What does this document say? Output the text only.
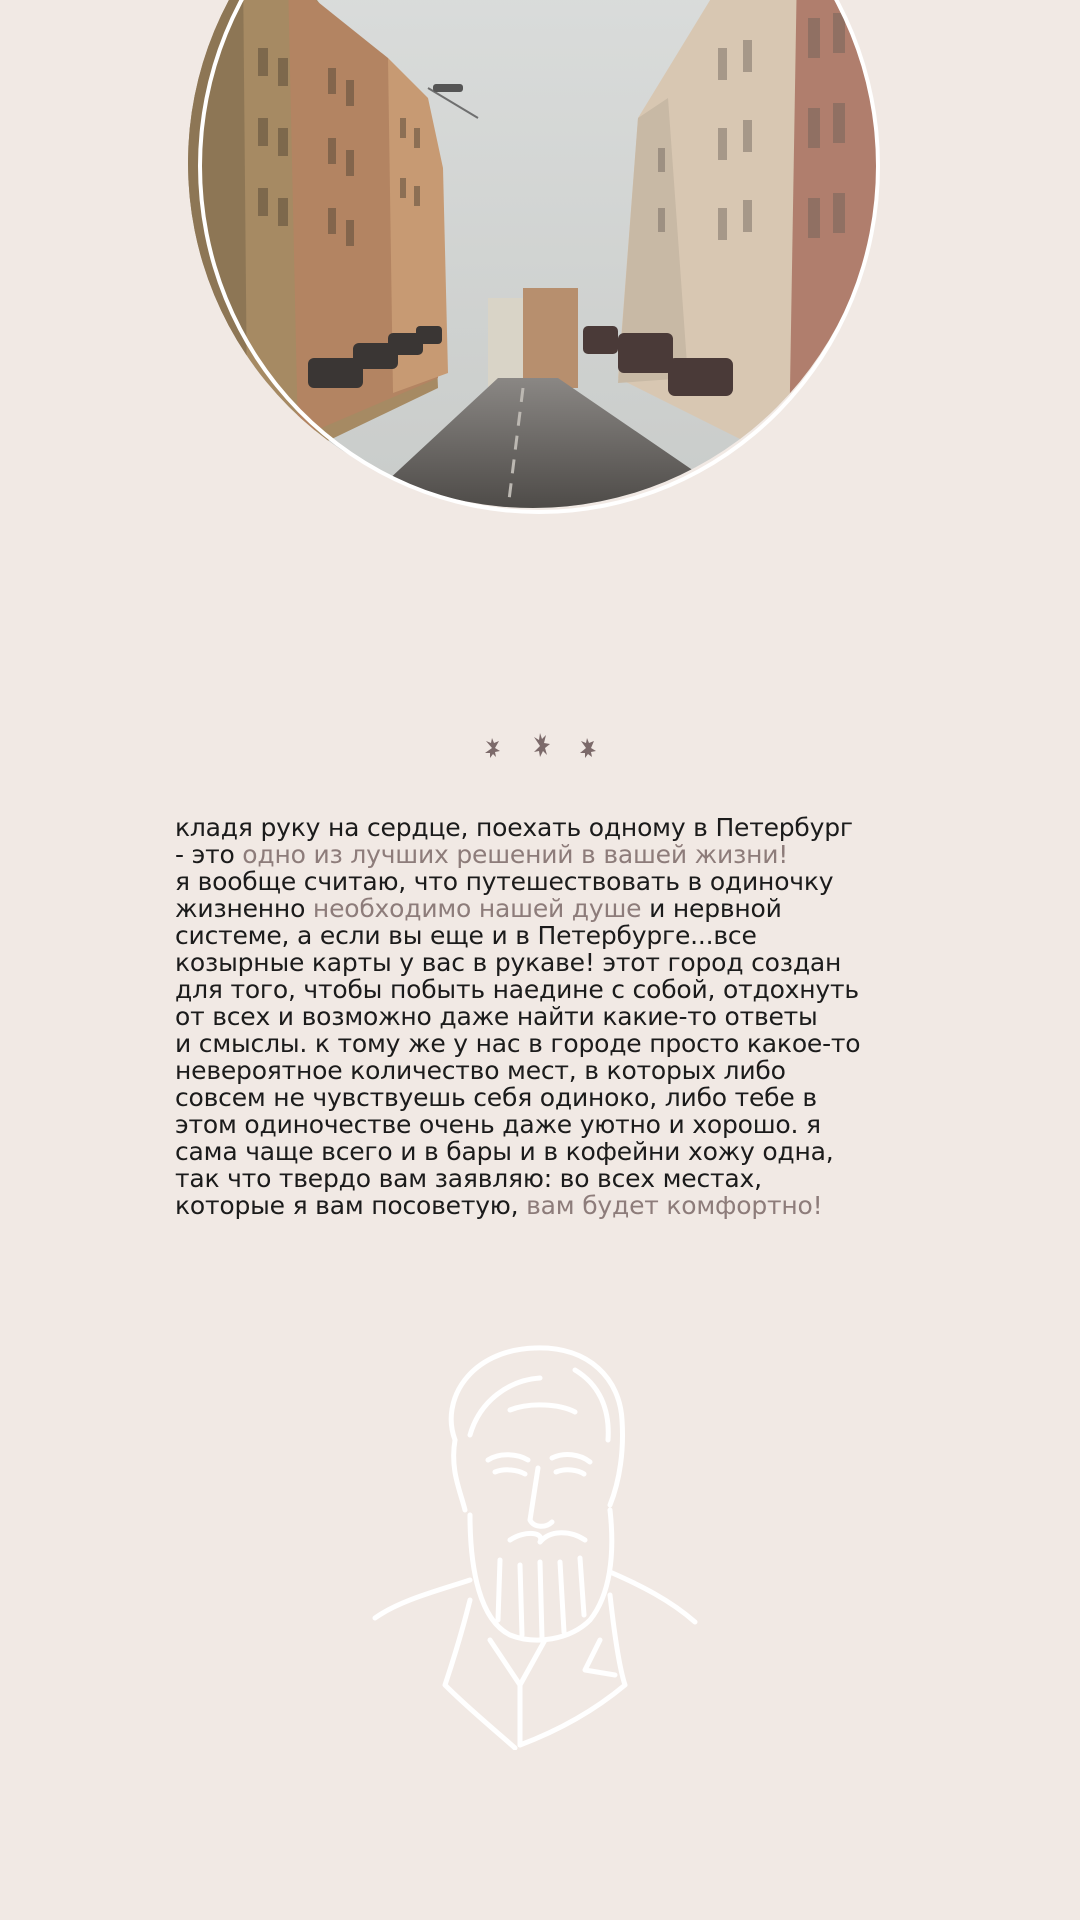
кладя руку на сердце, поехать одному в Петербург
- это одно из лучших решений в вашей жизни!
я вообще считаю, что путешествовать в одиночку
жизненно необходимо нашей душе и нервной
системе, а если вы еще и в Петербурге...все
козырные карты у вас в рукаве! этот город создан
для того, чтобы побыть наедине с собой, отдохнуть
от всех и возможно даже найти какие-то ответы
и смыслы. к тому же у нас в городе просто какое-то
невероятное количество мест, в которых либо
совсем не чувствуешь себя одиноко, либо тебе в
этом одиночестве очень даже уютно и хорошо. я
сама чаще всего и в бары и в кофейни хожу одна,
так что твердо вам заявляю: во всех местах,
которые я вам посоветую, вам будет комфортно!
